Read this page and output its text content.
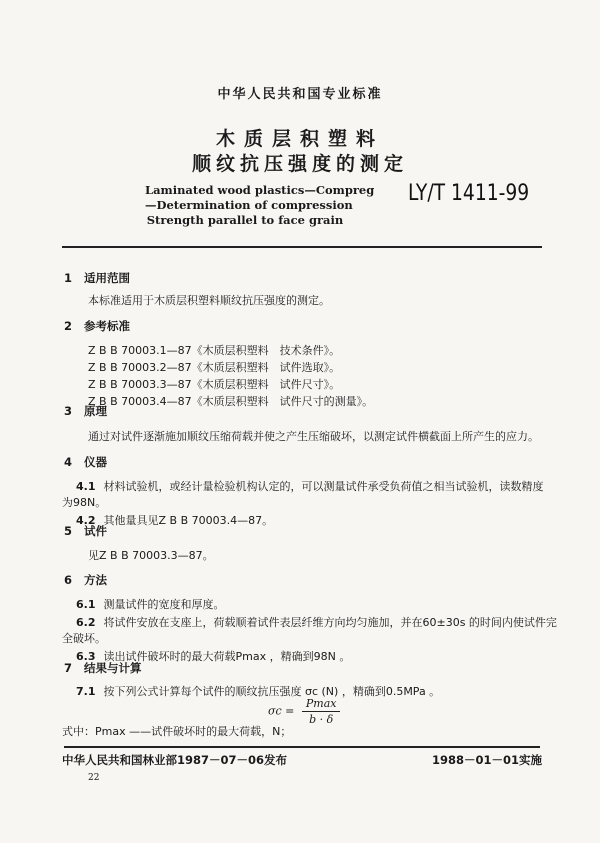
中华人民共和国专业标准
木质层积塑料
顺纹抗压强度的测定
Laminated wood plastics—Compreg
—Determination of compression
Strength parallel to face grain
LY/T 1411-99
1 适用范围
本标准适用于木质层积塑料顺纹抗压强度的测定。
2 参考标准
Z B B 70003.1—87《木质层积塑料　技术条件》。
Z B B 70003.2—87《木质层积塑料　试件选取》。
Z B B 70003.3—87《木质层积塑料　试件尺寸》。
Z B B 70003.4—87《木质层积塑料　试件尺寸的测量》。
3 原理
通过对试件逐渐施加顺纹压缩荷载并使之产生压缩破坏，以测定试件横截面上所产生的应力。
4 仪器
4.1 材料试验机，或经计量检验机构认定的，可以测量试件承受负荷值之相当试验机，读数精度
为98N。
4.2 其他量具见Z B B 70003.4—87。
5 试件
见Z B B 70003.3—87。
6 方法
6.1 测量试件的宽度和厚度。
6.2 将试件安放在支座上，荷载顺着试件表层纤维方向均匀施加，并在60±30s 的时间内使试件完
全破坏。
6.3 读出试件破坏时的最大荷载Pmax ，精确到98N 。
7 结果与计算
7.1 按下列公式计算每个试件的顺纹抗压强度 σc (N) ，精确到0.5MPa 。
$\sigma c = \frac{Pmax}{b \cdot \delta}$
式中：Pmax ——试件破坏时的最大荷载，N；
中华人民共和国林业部1987－07－06发布	1988－01－01实施
22
